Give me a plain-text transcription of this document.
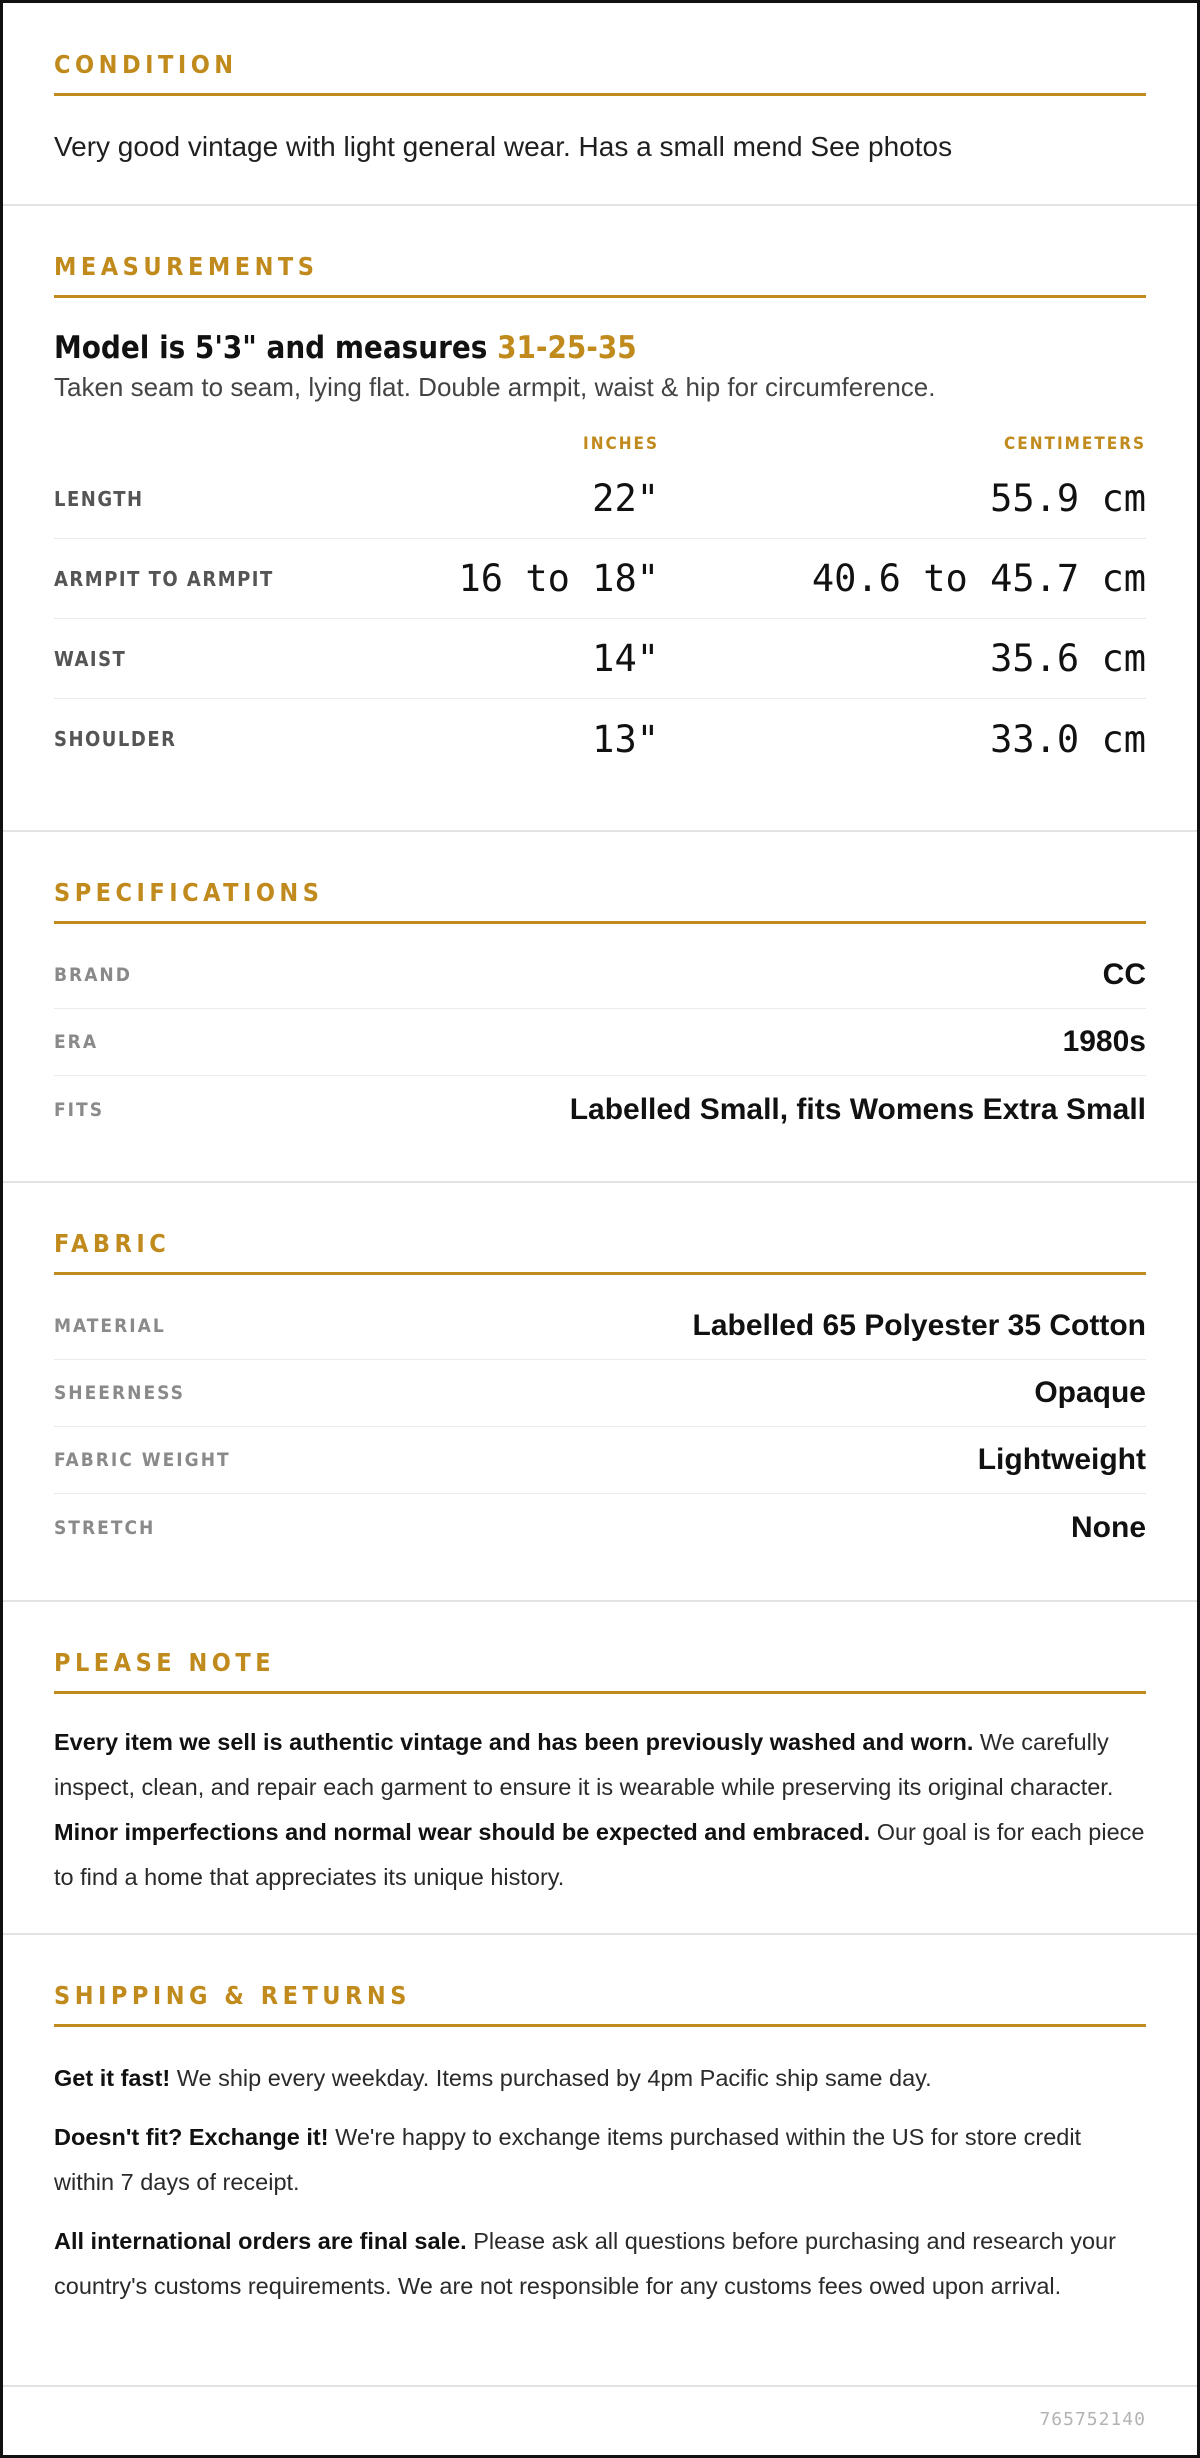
CONDITION

Very good vintage with light general wear. Has a small mend See photos

MEASUREMENTS
Model is 5'3" and measures 31-25-35

Taken seam to seam, lying flat. Double armpit, waist & hip for circumference.

INCHES	CENTIMETERS
LENGTH	22"	55.9 cm
ARMPIT TO ARMPIT	16 to 18"	40.6 to 45.7 cm
WAIST	14"	35.6 cm
SHOULDER	13"	33.0 cm
SPECIFICATIONS
BRAND	CC
ERA	1980s
FITS	Labelled Small, fits Womens Extra Small
FABRIC
MATERIAL	Labelled 65 Polyester 35 Cotton
SHEERNESS	Opaque
FABRIC WEIGHT	Lightweight
STRETCH	None
PLEASE NOTE

Every item we sell is authentic vintage and has been previously washed and worn. We carefully inspect, clean, and repair each garment to ensure it is wearable while preserving its original character. Minor imperfections and normal wear should be expected and embraced. Our goal is for each piece to find a home that appreciates its unique history.

SHIPPING & RETURNS

Get it fast! We ship every weekday. Items purchased by 4pm Pacific ship same day.

Doesn't fit? Exchange it! We're happy to exchange items purchased within the US for store credit within 7 days of receipt.

All international orders are final sale. Please ask all questions before purchasing and research your country's customs requirements. We are not responsible for any customs fees owed upon arrival.

765752140
